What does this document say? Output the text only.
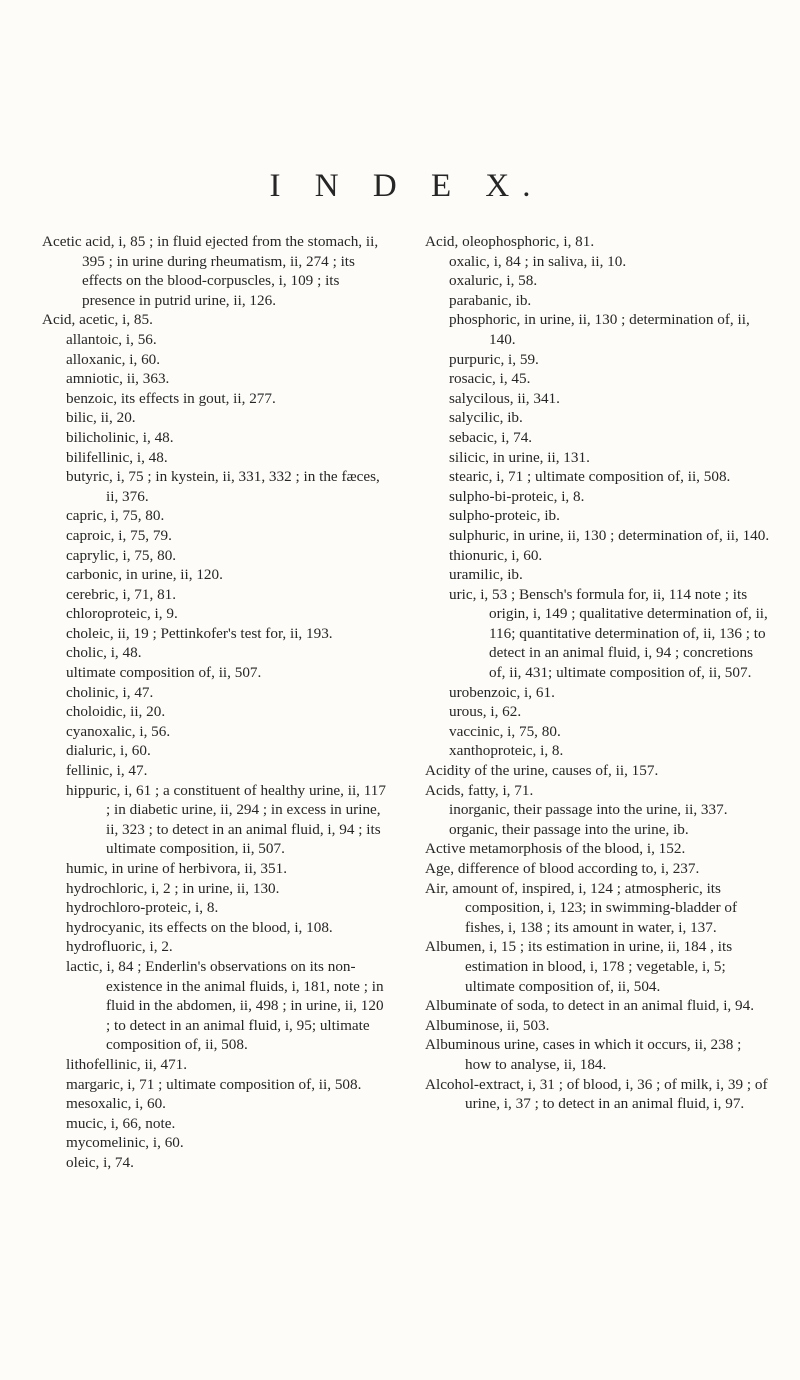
I N D E X.

Acetic acid, i, 85 ; in fluid ejected from the stomach, ii, 395 ; in urine during rheumatism, ii, 274 ; its effects on the blood-corpuscles, i, 109 ; its presence in putrid urine, ii, 126.

Acid, acetic, i, 85.

allantoic, i, 56.

alloxanic, i, 60.

amniotic, ii, 363.

benzoic, its effects in gout, ii, 277.

bilic, ii, 20.

bilicholinic, i, 48.

bilifellinic, i, 48.

butyric, i, 75 ; in kystein, ii, 331, 332 ; in the fæces, ii, 376.

capric, i, 75, 80.

caproic, i, 75, 79.

caprylic, i, 75, 80.

carbonic, in urine, ii, 120.

cerebric, i, 71, 81.

chloroproteic, i, 9.

choleic, ii, 19 ; Pettinkofer's test for, ii, 193.

cholic, i, 48.

ultimate composition of, ii, 507.

cholinic, i, 47.

choloidic, ii, 20.

cyanoxalic, i, 56.

dialuric, i, 60.

fellinic, i, 47.

hippuric, i, 61 ; a constituent of healthy urine, ii, 117 ; in diabetic urine, ii, 294 ; in excess in urine, ii, 323 ; to detect in an animal fluid, i, 94 ; its ultimate composition, ii, 507.

humic, in urine of herbivora, ii, 351.

hydrochloric, i, 2 ; in urine, ii, 130.

hydrochloro-proteic, i, 8.

hydrocyanic, its effects on the blood, i, 108.

hydrofluoric, i, 2.

lactic, i, 84 ; Enderlin's observations on its non-existence in the animal fluids, i, 181, note ; in fluid in the abdomen, ii, 498 ; in urine, ii, 120 ; to detect in an animal fluid, i, 95; ultimate composition of, ii, 508.

lithofellinic, ii, 471.

margaric, i, 71 ; ultimate composition of, ii, 508.

mesoxalic, i, 60.

mucic, i, 66, note.

mycomelinic, i, 60.

oleic, i, 74.

Acid, oleophosphoric, i, 81.

oxalic, i, 84 ; in saliva, ii, 10.

oxaluric, i, 58.

parabanic, ib.

phosphoric, in urine, ii, 130 ; determination of, ii, 140.

purpuric, i, 59.

rosacic, i, 45.

salycilous, ii, 341.

salycilic, ib.

sebacic, i, 74.

silicic, in urine, ii, 131.

stearic, i, 71 ; ultimate composition of, ii, 508.

sulpho-bi-proteic, i, 8.

sulpho-proteic, ib.

sulphuric, in urine, ii, 130 ; determination of, ii, 140.

thionuric, i, 60.

uramilic, ib.

uric, i, 53 ; Bensch's formula for, ii, 114 note ; its origin, i, 149 ; qualitative determination of, ii, 116; quantitative determination of, ii, 136 ; to detect in an animal fluid, i, 94 ; concretions of, ii, 431; ultimate composition of, ii, 507.

urobenzoic, i, 61.

urous, i, 62.

vaccinic, i, 75, 80.

xanthoproteic, i, 8.

Acidity of the urine, causes of, ii, 157.

Acids, fatty, i, 71.

inorganic, their passage into the urine, ii, 337.

organic, their passage into the urine, ib.

Active metamorphosis of the blood, i, 152.

Age, difference of blood according to, i, 237.

Air, amount of, inspired, i, 124 ; atmospheric, its composition, i, 123; in swimming-bladder of fishes, i, 138 ; its amount in water, i, 137.

Albumen, i, 15 ; its estimation in urine, ii, 184 , its estimation in blood, i, 178 ; vegetable, i, 5; ultimate composition of, ii, 504.

Albuminate of soda, to detect in an animal fluid, i, 94.

Albuminose, ii, 503.

Albuminous urine, cases in which it occurs, ii, 238 ; how to analyse, ii, 184.

Alcohol-extract, i, 31 ; of blood, i, 36 ; of milk, i, 39 ; of urine, i, 37 ; to detect in an animal fluid, i, 97.
